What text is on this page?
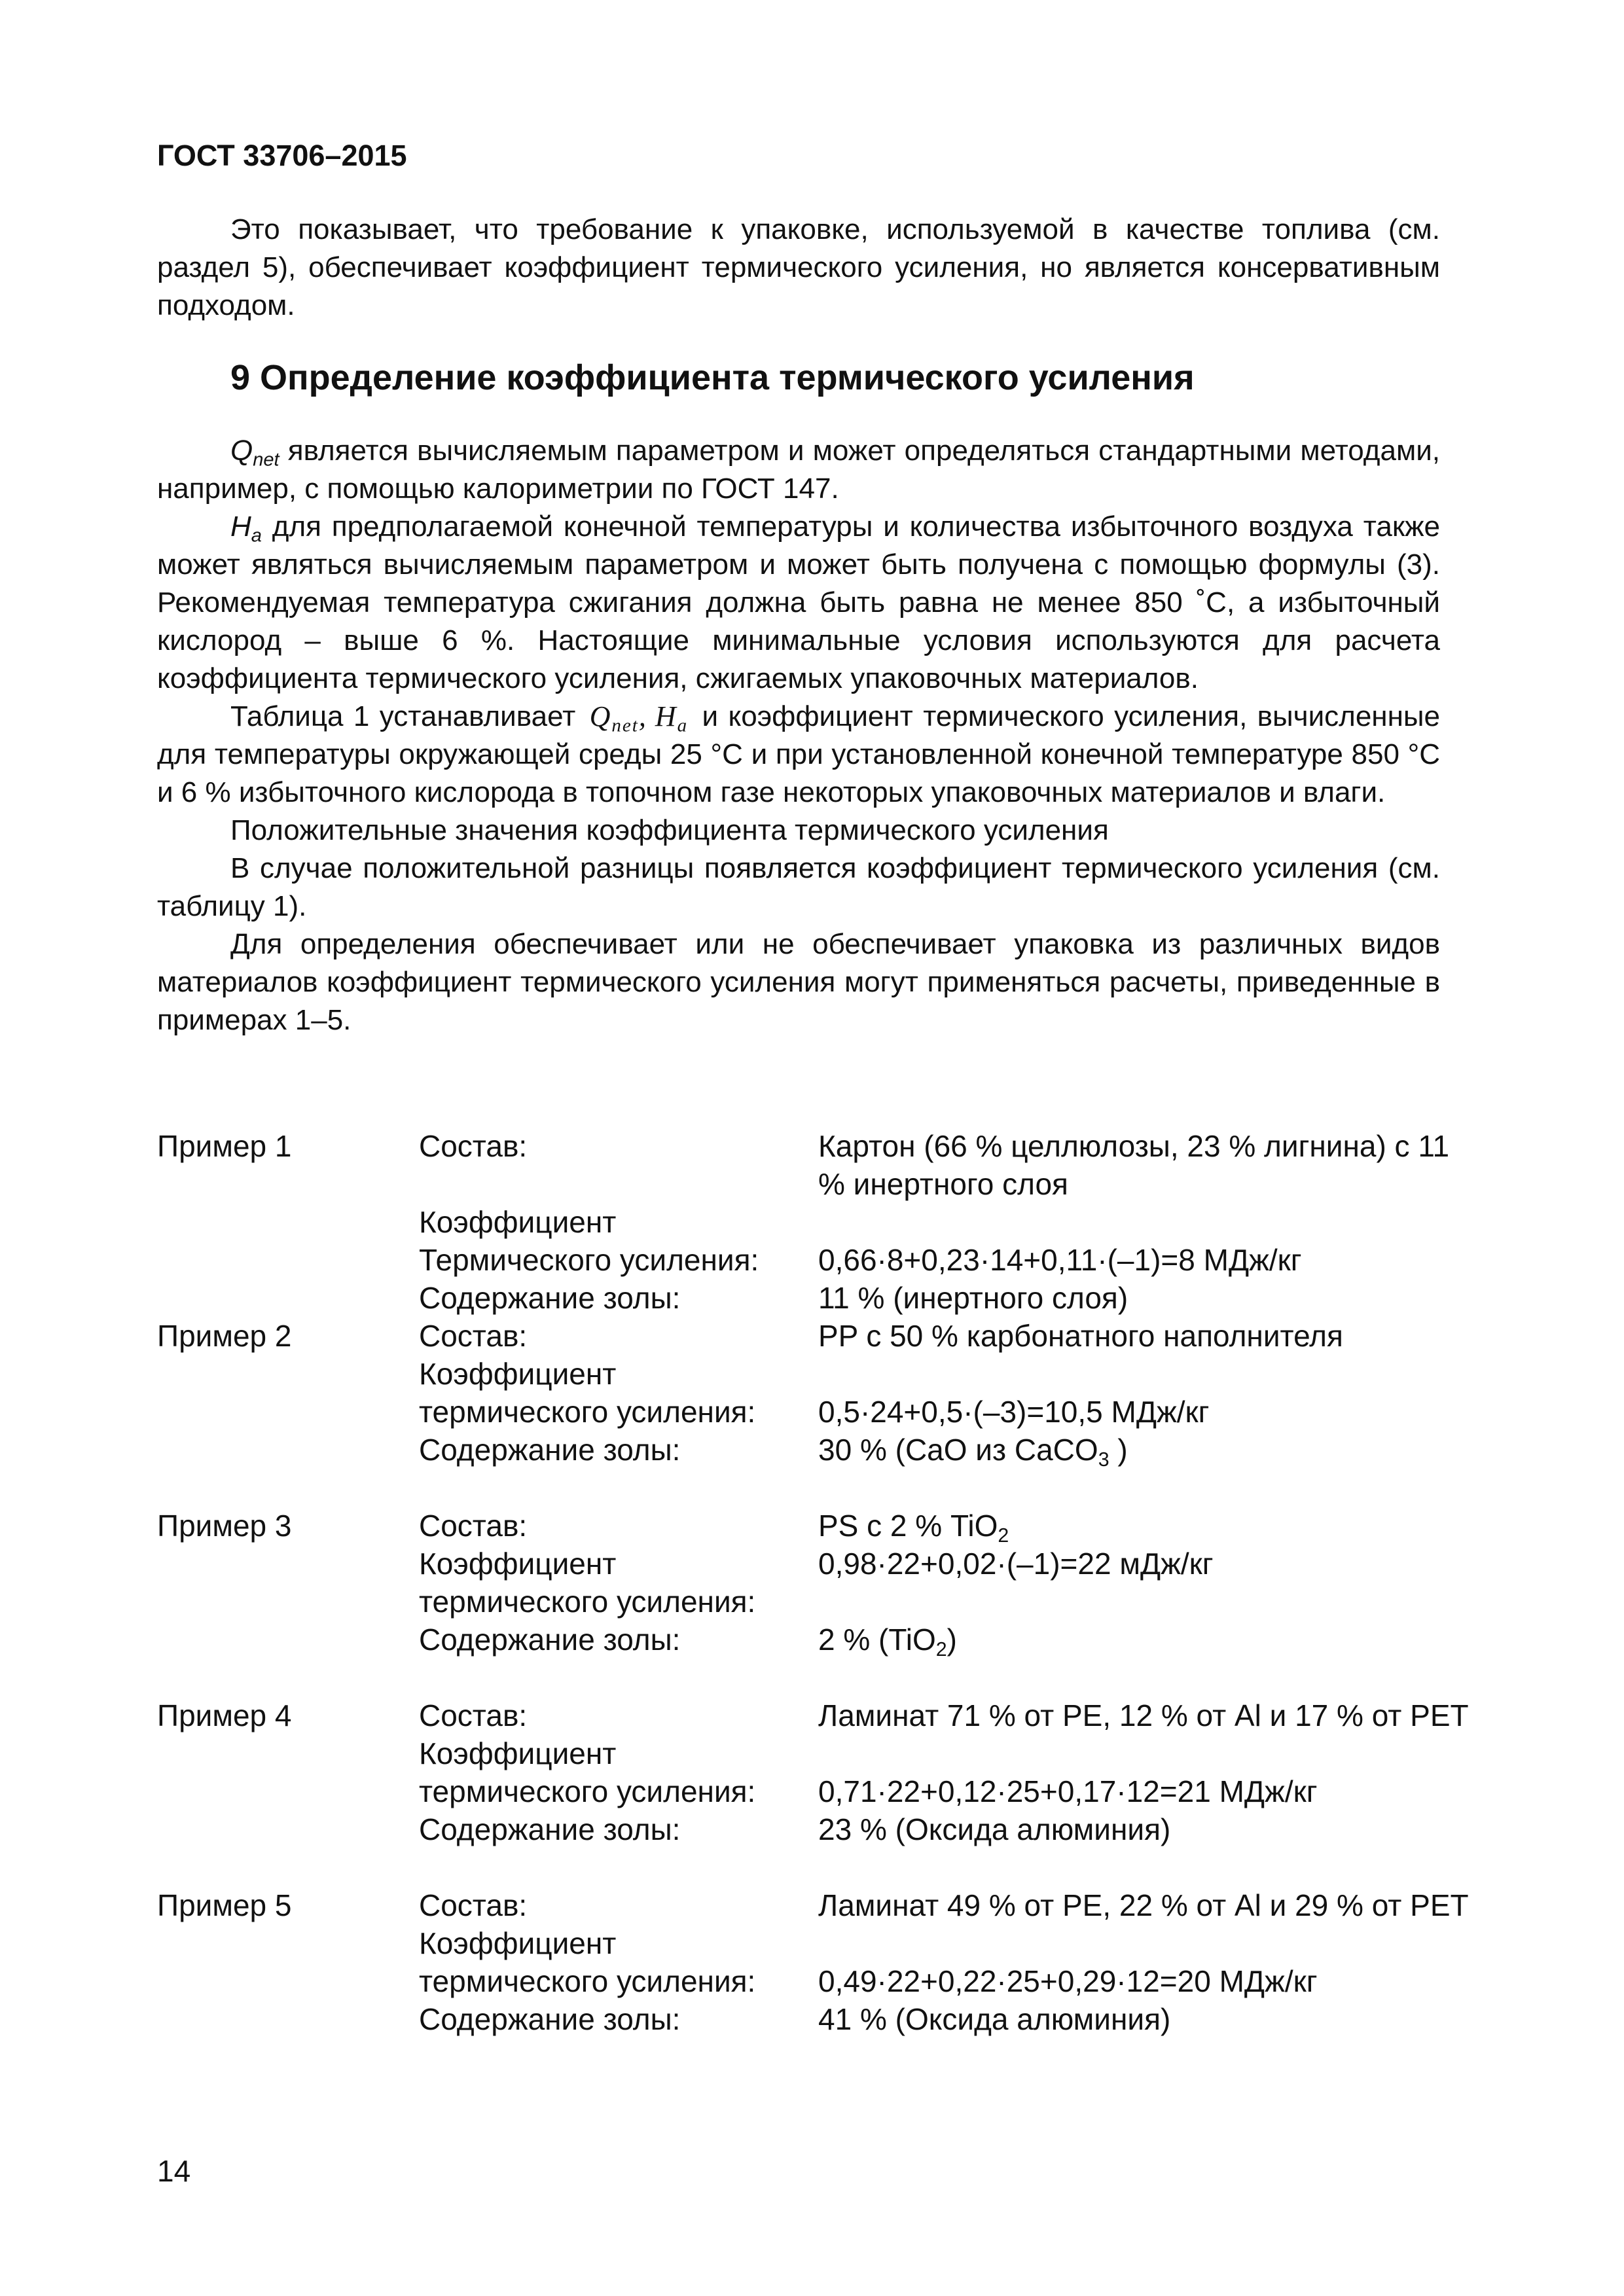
ГОСТ 33706–2015

Это показывает, что требование к упаковке, используемой в качестве топлива (см. раздел 5), обеспечивает коэффициент термического усиления, но является консервативным подходом.

9 Определение коэффициента термического усиления

$Q_{net}$ является вычисляемым параметром и может определяться стандартными методами, например, с помощью калориметрии по ГОСТ 147.

$H_a$ для предполагаемой конечной температуры и количества избыточного воздуха также может являться вычисляемым параметром и может быть получена с помощью формулы (3). Рекомендуемая температура сжигания должна быть равна не менее 850 ˚С, а избыточный кислород – выше 6 %. Настоящие минимальные условия используются для расчета коэффициента термического усиления, сжигаемых упаковочных материалов.

Таблица 1 устанавливает $Q_{net}$, $H_a$ и коэффициент термического усиления, вычисленные для температуры окружающей среды 25 °С и при установленной конечной температуре 850 °С и 6 % избыточного кислорода в топочном газе некоторых упаковочных материалов и влаги.

Положительные значения коэффициента термического усиления

В случае положительной разницы появляется коэффициент термического усиления (см. таблицу 1).

Для определения обеспечивает или не обеспечивает упаковка из различных видов материалов коэффициент термического усиления могут применяться расчеты, приведенные в примерах 1–5.

Пример 1	Состав:	Картон (66 % целлюлозы, 23 % лигнина) с 11 % инертного слоя
	Коэффициент	
	Термического усиления:	0,66·8+0,23·14+0,11·(–1)=8 МДж/кг
	Содержание золы:	11 % (инертного слоя)
Пример 2	Состав:	PP с 50 % карбонатного наполнителя
	Коэффициент	
	термического усиления:	0,5·24+0,5·(–3)=10,5 МДж/кг
	Содержание золы:	30 % (CaO из CaCO$_3$ )

Пример 3	Состав:	PS с 2 % TiO$_2$
	Коэффициент	0,98·22+0,02·(–1)=22 мДж/кг
	термического усиления:	
	Содержание золы:	2 % (TiO$_2$)

Пример 4	Состав:	Ламинат 71 % от PE, 12 % от Al и 17 % от PET
	Коэффициент	
	термического усиления:	0,71·22+0,12·25+0,17·12=21 МДж/кг
	Содержание золы:	23 % (Оксида алюминия)

Пример 5	Состав:	Ламинат 49 % от PE, 22 % от Al и 29 % от PET
	Коэффициент	
	термического усиления:	0,49·22+0,22·25+0,29·12=20 МДж/кг
	Содержание золы:	41 % (Оксида алюминия)

14
